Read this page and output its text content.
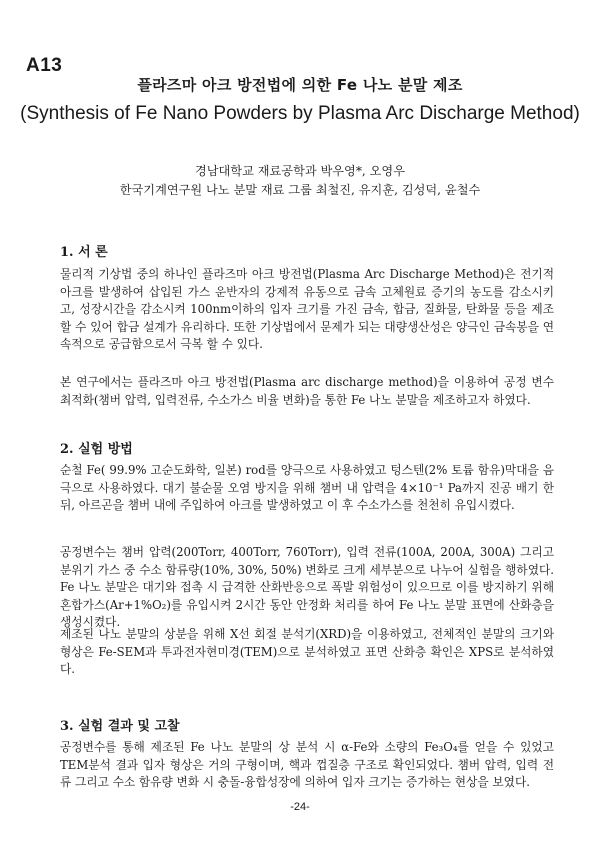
A13
플라즈마 아크 방전법에 의한 Fe 나노 분말 제조
(Synthesis of Fe Nano Powders by Plasma Arc Discharge Method)
경남대학교 재료공학과 박우영*, 오영우
한국기계연구원 나노 분말 재료 그룹 최철진, 유지훈, 김성덕, 윤철수
1. 서 론
물리적 기상법 중의 하나인 플라즈마 아크 방전법(Plasma Arc Discharge Method)은 전기적 아크를 발생하여 삽입된 가스 운반자의 강제적 유동으로 금속 고체원료 증기의 농도를 감소시키고, 성장시간을 감소시켜 100nm이하의 입자 크기를 가진 금속, 합금, 질화물, 탄화물 등을 제조할 수 있어 합금 설계가 유리하다. 또한 기상법에서 문제가 되는 대량생산성은 양극인 금속봉을 연속적으로 공급함으로서 극복 할 수 있다.
본 연구에서는 플라즈마 아크 방전법(Plasma arc discharge method)을 이용하여 공정 변수 최적화(챔버 압력, 입력전류, 수소가스 비율 변화)을 통한 Fe 나노 분말을 제조하고자 하였다.
2. 실험 방법
순철 Fe( 99.9% 고순도화학, 일본) rod를 양극으로 사용하였고 텅스텐(2% 토륨 함유)막대을 음극으로 사용하였다. 대기 불순물 오염 방지을 위해 챔버 내 압력을 4×10⁻¹ Pa까지 진공 배기 한 뒤, 아르곤을 챔버 내에 주입하여 아크를 발생하였고 이 후 수소가스를 천천히 유입시켰다.
공정변수는 챔버 압력(200Torr, 400Torr, 760Torr), 입력 전류(100A, 200A, 300A) 그리고 분위기 가스 중 수소 함류량(10%, 30%, 50%) 변화로 크게 세부분으로 나누어 실험을 행하였다. Fe 나노 분말은 대기와 접촉 시 급격한 산화반응으로 폭발 위험성이 있으므로 이를 방지하기 위해 혼합가스(Ar+1%O₂)를 유입시켜 2시간 동안 안정화 처리를 하여 Fe 나노 분말 표면에 산화층을 생성시켰다.
제조된 나노 분말의 상분을 위해 X선 회절 분석기(XRD)을 이용하였고, 전체적인 분말의 크기와 형상은 Fe-SEM과 투과전자현미경(TEM)으로 분석하였고 표면 산화층 확인은 XPS로 분석하였다.
3. 실험 결과 및 고찰
공정변수를 통해 제조된 Fe 나노 분말의 상 분석 시 α-Fe와 소량의 Fe₃O₄를 얻을 수 있었고 TEM분석 결과 입자 형상은 거의 구형이며, 핵과 껍질층 구조로 확인되었다. 챔버 압력, 입력 전류 그리고 수소 함유량 변화 시 충돌-융합성장에 의하여 입자 크기는 증가하는 현상을 보였다.
-24-
